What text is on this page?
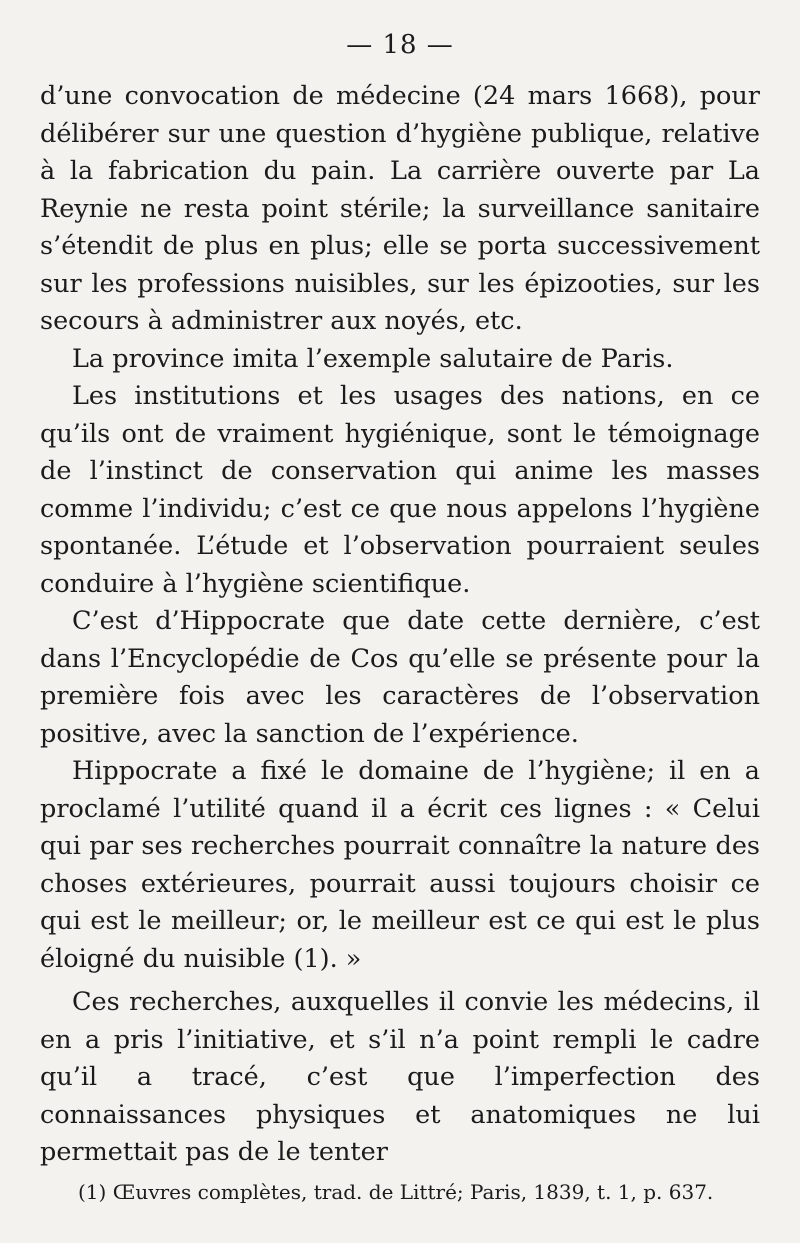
— 18 —

d’une convocation de médecine (24 mars 1668), pour délibérer sur une question d’hygiène publique, relative à la fabrication du pain. La carrière ouverte par La Reynie ne resta point stérile; la surveillance sanitaire s’étendit de plus en plus; elle se porta successivement sur les professions nuisibles, sur les épizooties, sur les secours à administrer aux noyés, etc.

La province imita l’exemple salutaire de Paris.

Les institutions et les usages des nations, en ce qu’ils ont de vraiment hygiénique, sont le témoignage de l’instinct de conservation qui anime les masses comme l’individu; c’est ce que nous appelons l’hygiène spontanée. L’étude et l’observation pourraient seules conduire à l’hygiène scientifique.

C’est d’Hippocrate que date cette dernière, c’est dans l’Encyclopédie de Cos qu’elle se présente pour la première fois avec les caractères de l’observation positive, avec la sanction de l’expérience.

Hippocrate a fixé le domaine de l’hygiène; il en a proclamé l’utilité quand il a écrit ces lignes : « Celui qui par ses recherches pourrait connaître la nature des choses extérieures, pourrait aussi toujours choisir ce qui est le meilleur; or, le meilleur est ce qui est le plus éloigné du nuisible (1). »

Ces recherches, auxquelles il convie les médecins, il en a pris l’initiative, et s’il n’a point rempli le cadre qu’il a tracé, c’est que l’imperfection des connaissances physiques et anatomiques ne lui permettait pas de le tenter

(1) Œuvres complètes, trad. de Littré; Paris, 1839, t. 1, p. 637.
